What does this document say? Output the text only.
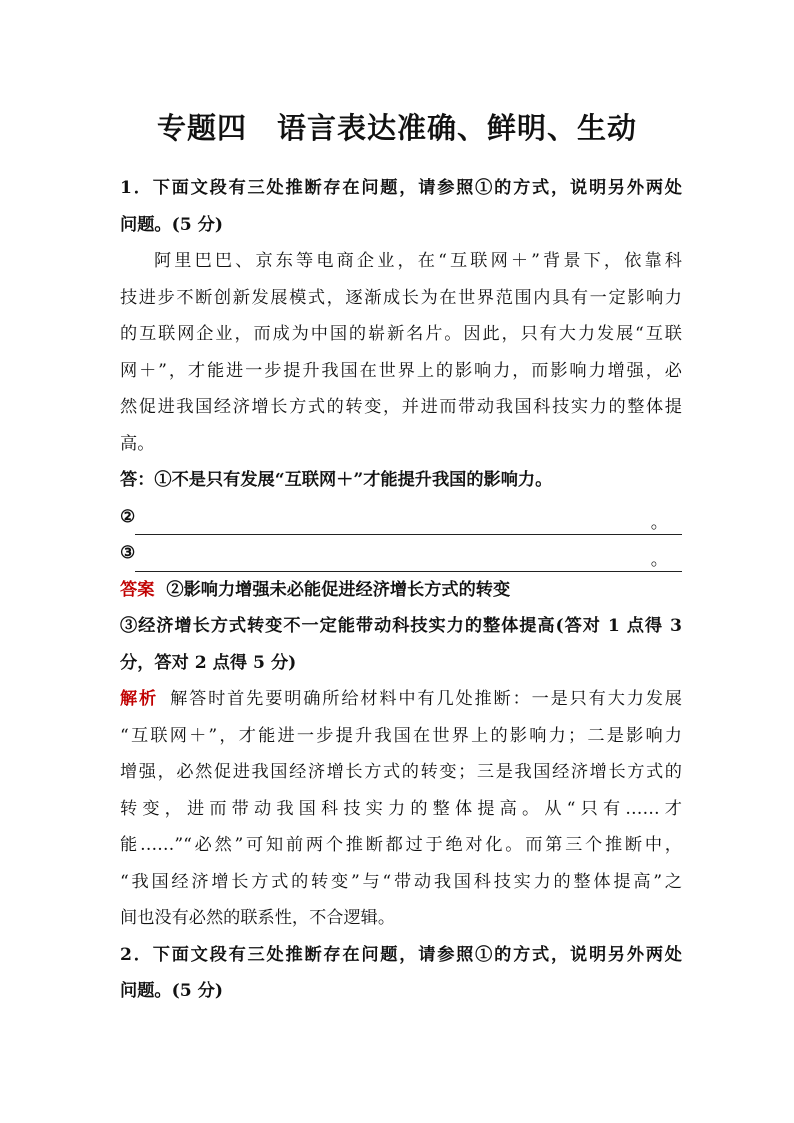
专题四　语言表达准确、鲜明、生动
1．下面文段有三处推断存在问题，请参照①的方式，说明另外两处
问题。(5 分)
阿里巴巴、京东等电商企业，在“互联网＋”背景下，依靠科
技进步不断创新发展模式，逐渐成长为在世界范围内具有一定影响力
的互联网企业，而成为中国的崭新名片。因此，只有大力发展“互联
网＋”，才能进一步提升我国在世界上的影响力，而影响力增强，必
然促进我国经济增长方式的转变，并进而带动我国科技实力的整体提
高。
答：①不是只有发展“互联网＋”才能提升我国的影响力。
②	。
③	。
答案 ②影响力增强未必能促进经济增长方式的转变
③经济增长方式转变不一定能带动科技实力的整体提高(答对 1 点得 3
分，答对 2 点得 5 分)
解析 解答时首先要明确所给材料中有几处推断：一是只有大力发展
“互联网＋”，才能进一步提升我国在世界上的影响力；二是影响力
增强，必然促进我国经济增长方式的转变；三是我国经济增长方式的
转变，进而带动我国科技实力的整体提高。从“只有……才
能……”“必然”可知前两个推断都过于绝对化。而第三个推断中，
“我国经济增长方式的转变”与“带动我国科技实力的整体提高”之
间也没有必然的联系性，不合逻辑。
2．下面文段有三处推断存在问题，请参照①的方式，说明另外两处
问题。(5 分)
